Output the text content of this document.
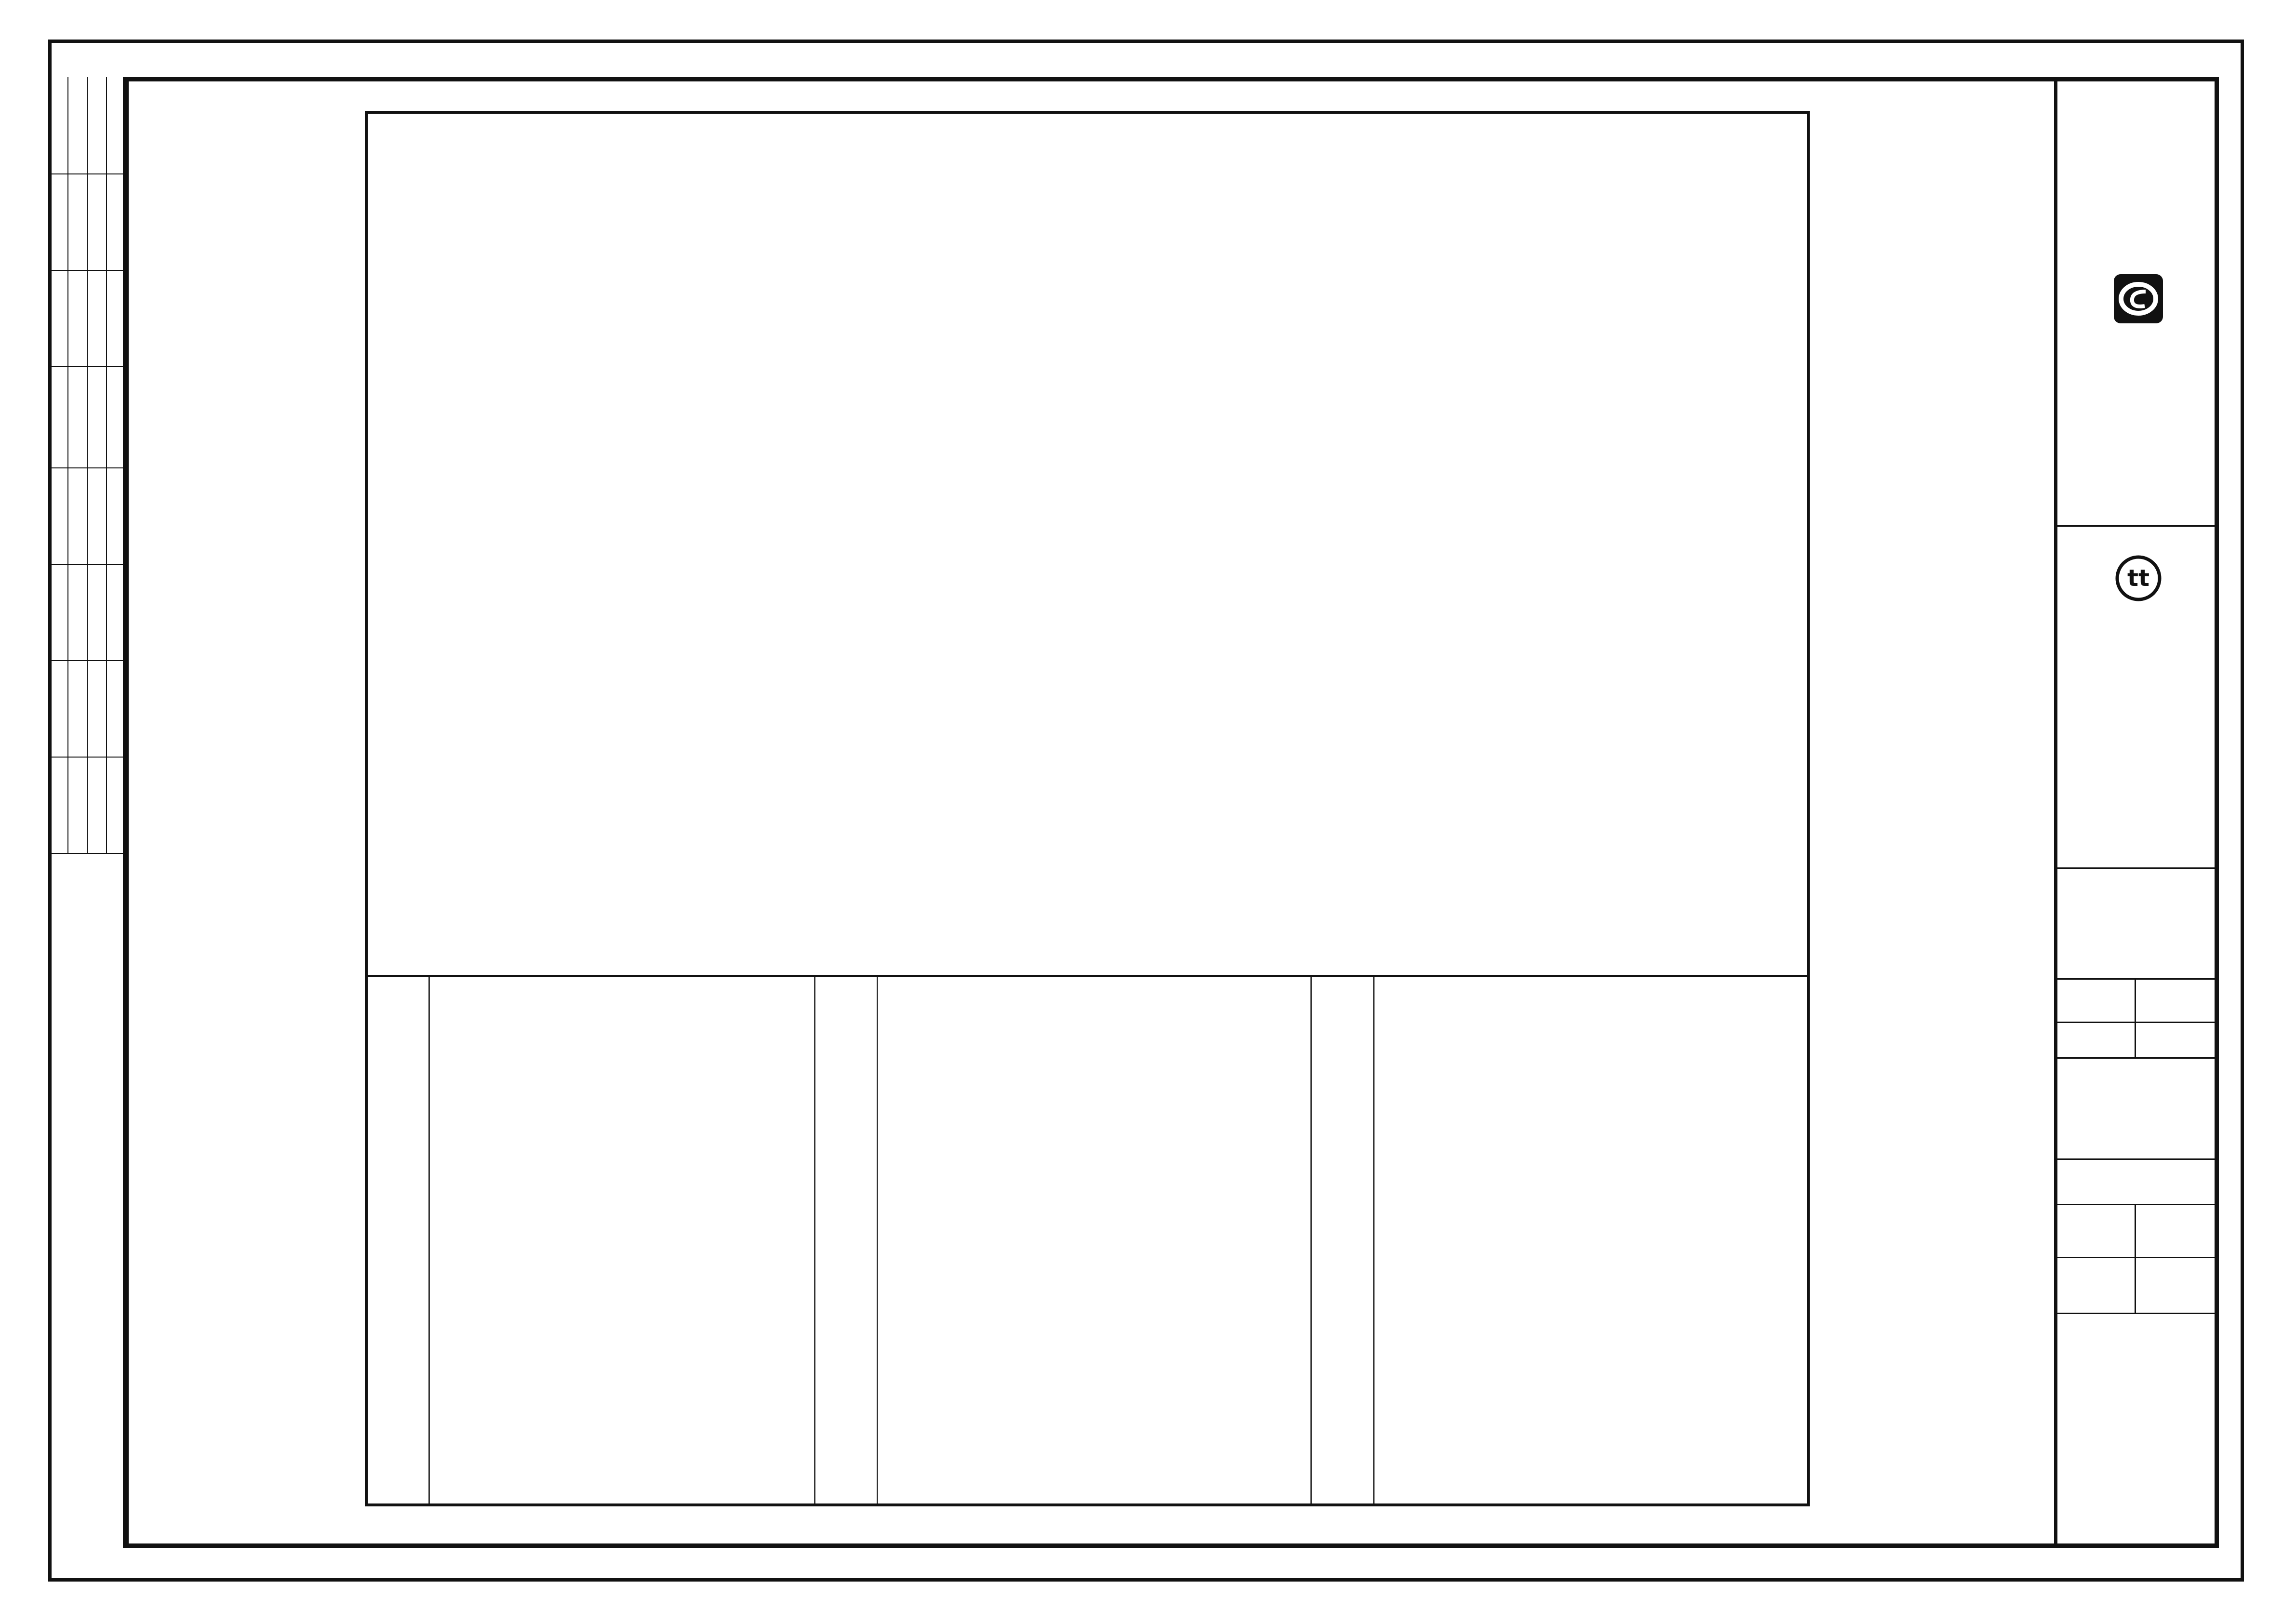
tt
